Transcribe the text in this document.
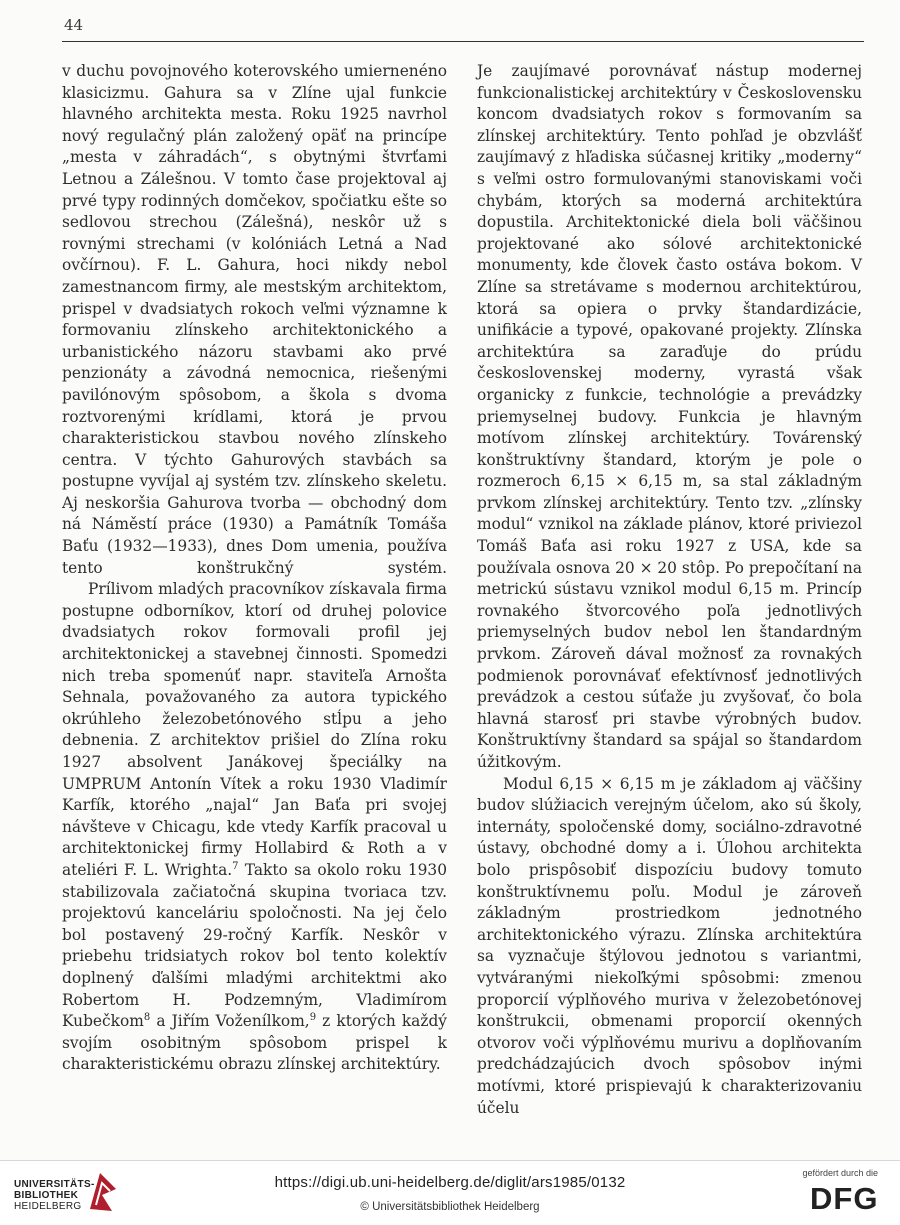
44

v duchu povojnového koterovského umiernenéno klasicizmu. Gahura sa v Zlíne ujal funkcie hlavného architekta mesta. Roku 1925 navrhol nový regulačný plán založený opäť na princípe „mesta v záhradách“, s obytnými štvrťami Letnou a Zálešnou. V tomto čase projektoval aj prvé typy rodinných domčekov, spočiatku ešte so sedlovou strechou (Zálešná), neskôr už s rovnými strechami (v kolóniách Letná a Nad ovčírnou). F. L. Gahura, hoci nikdy nebol zamestnancom firmy, ale mestským architektom, prispel v dvadsiatych rokoch veľmi významne k formovaniu zlínskeho architektonického a urbanistického názoru stavbami ako prvé penzionáty a závodná nemocnica, riešenými pavilónovým spôsobom, a škola s dvoma roztvorenými krídlami, ktorá je prvou charakteristickou stavbou nového zlínskeho centra. V týchto Gahurových stavbách sa postupne vyvíjal aj systém tzv. zlínskeho skeletu. Aj neskoršia Gahurova tvorba — obchodný dom ná Náměstí práce (1930) a Památník Tomáša Baťu (1932—1933), dnes Dom umenia, používa tento konštrukčný systém.

Prílivom mladých pracovníkov získavala firma postupne odborníkov, ktorí od druhej polovice dvadsiatych rokov formovali profil jej architektonickej a stavebnej činnosti. Spomedzi nich treba spomenúť napr. staviteľa Arnošta Sehnala, považovaného za autora typického okrúhleho železobetónového stĺpu a jeho debnenia. Z architektov prišiel do Zlína roku 1927 absolvent Janákovej špeciálky na UMPRUM Antonín Vítek a roku 1930 Vladimír Karfík, ktorého „najal“ Jan Baťa pri svojej návšteve v Chicagu, kde vtedy Karfík pracoval u architektonickej firmy Hollabird & Roth a v ateliéri F. L. Wrighta.$^7$ Takto sa okolo roku 1930 stabilizovala začiatočná skupina tvoriaca tzv. projektovú kanceláriu spoločnosti. Na jej čelo bol postavený 29-ročný Karfík. Neskôr v priebehu tridsiatych rokov bol tento kolektív doplnený ďalšími mladými architektmi ako Robertom H. Podzemným, Vladimírom Kubečkom$^8$ a Jiřím Voženílkom,$^9$ z ktorých každý svojím osobitným spôsobom prispel k charakteristickému obrazu zlínskej architektúry.

Je zaujímavé porovnávať nástup modernej funkcionalistickej architektúry v Československu koncom dvadsiatych rokov s formovaním sa zlínskej architektúry. Tento pohľad je obzvlášť zaujímavý z hľadiska súčasnej kritiky „moderny“ s veľmi ostro formulovanými stanoviskami voči chybám, ktorých sa moderná architektúra dopustila. Architektonické diela boli väčšinou projektované ako sólové architektonické monumenty, kde človek často ostáva bokom. V Zlíne sa stretávame s modernou architektúrou, ktorá sa opiera o prvky štandardizácie, unifikácie a typové, opakované projekty. Zlínska architektúra sa zaraďuje do prúdu československej moderny, vyrastá však organicky z funkcie, technológie a prevádzky priemyselnej budovy. Funkcia je hlavným motívom zlínskej architektúry. Továrenský konštruktívny štandard, ktorým je pole o rozmeroch 6,15 × 6,15 m, sa stal základným prvkom zlínskej architektúry. Tento tzv. „zlínsky modul“ vznikol na základe plánov, ktoré priviezol Tomáš Baťa asi roku 1927 z USA, kde sa používala osnova 20 × 20 stôp. Po prepočítaní na metrickú sústavu vznikol modul 6,15 m. Princíp rovnakého štvorcového poľa jednotlivých priemyselných budov nebol len štandardným prvkom. Zároveň dával možnosť za rovnakých podmienok porovnávať efektívnosť jednotlivých prevádzok a cestou súťaže ju zvyšovať, čo bola hlavná starosť pri stavbe výrobných budov. Konštruktívny štandard sa spájal so štandardom úžitkovým.

Modul 6,15 × 6,15 m je základom aj väčšiny budov slúžiacich verejným účelom, ako sú školy, internáty, spoločenské domy, sociálno-zdravotné ústavy, obchodné domy a i. Úlohou architekta bolo prispôsobiť dispozíciu budovy tomuto konštruktívnemu poľu. Modul je zároveň základným prostriedkom jednotného architektonického výrazu. Zlínska architektúra sa vyznačuje štýlovou jednotou s variantmi, vytváranými niekoľkými spôsobmi: zmenou proporcií výplňového muriva v železobetónovej konštrukcii, obmenami proporcií okenných otvorov voči výplňovému murivu a doplňovaním predchádzajúcich dvoch spôsobov inými motívmi, ktoré prispievajú k charakterizovaniu účelu

UNIVERSITÄTS-
BIBLIOTHEK
HEIDELBERG
https://digi.ub.uni-heidelberg.de/diglit/ars1985/0132
© Universitätsbibliothek Heidelberg
gefördert durch die
DFG
